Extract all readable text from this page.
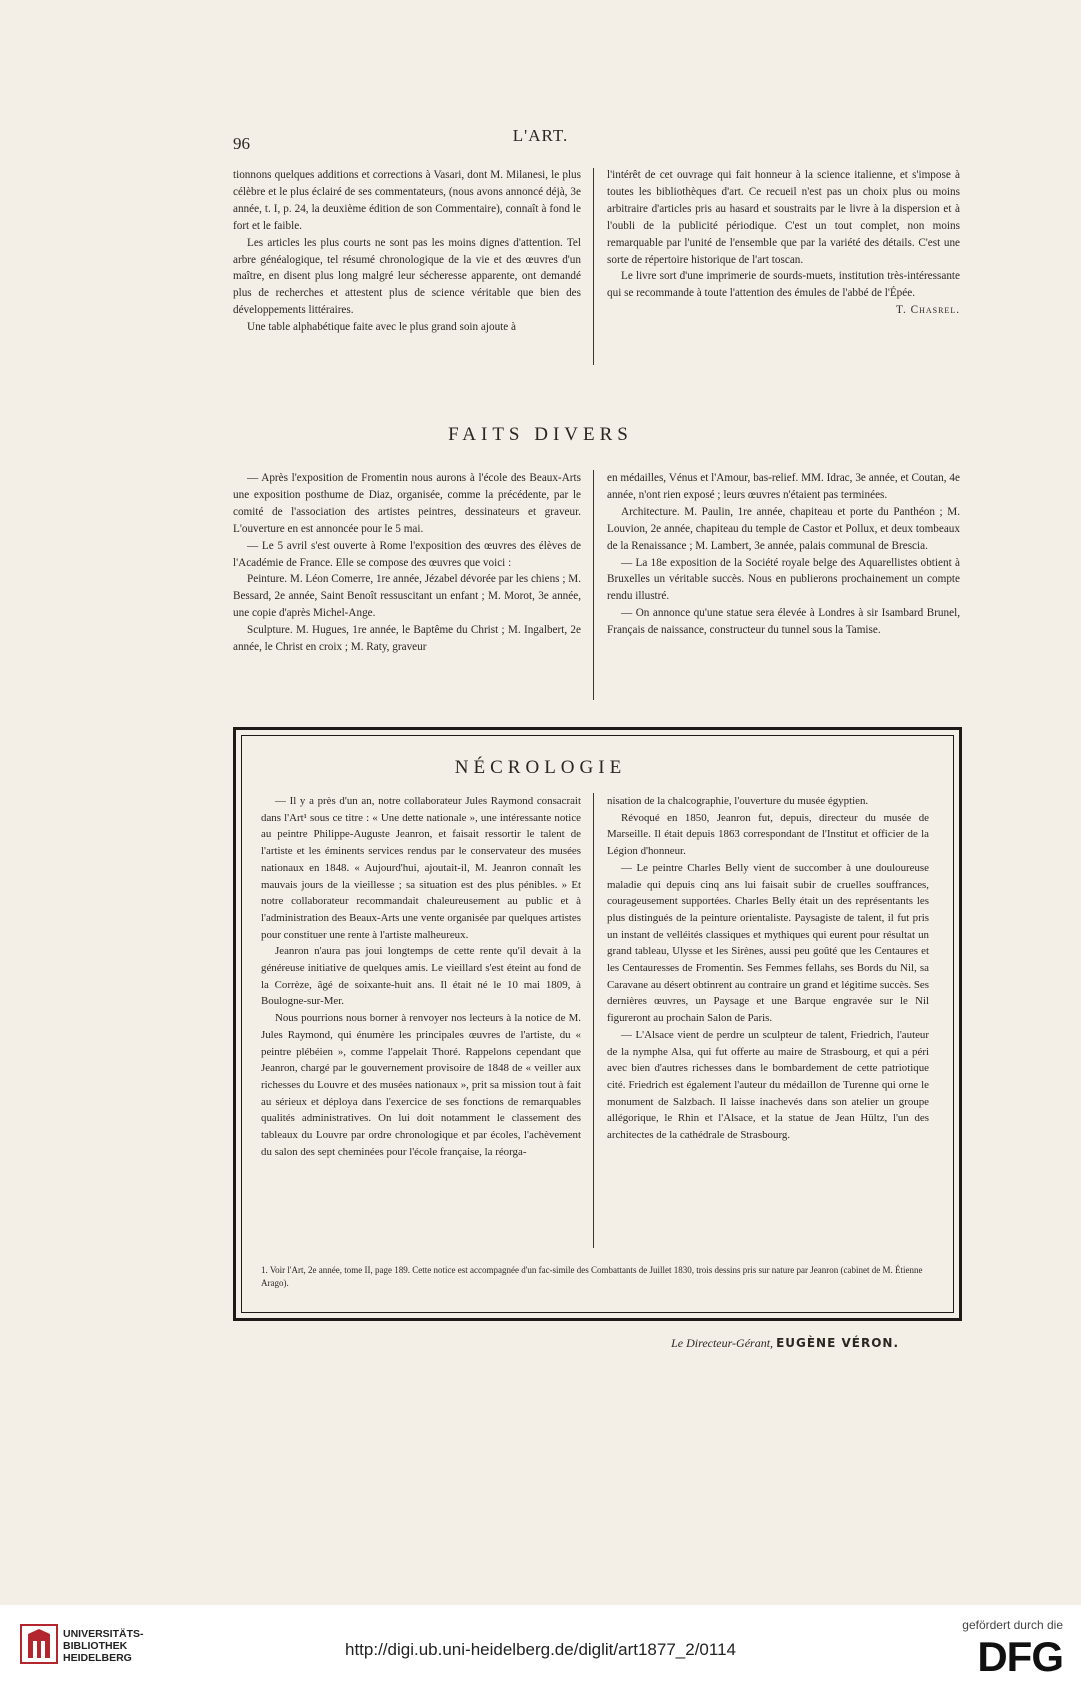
96	L'ART.

tionnons quelques additions et corrections à Vasari, dont M. Milanesi, le plus célèbre et le plus éclairé de ses commentateurs, (nous avons annoncé déjà, 3e année, t. I, p. 24, la deuxième édition de son Commentaire), connaît à fond le fort et le faible.

Les articles les plus courts ne sont pas les moins dignes d'attention. Tel arbre généalogique, tel résumé chronologique de la vie et des œuvres d'un maître, en disent plus long malgré leur sécheresse apparente, ont demandé plus de recherches et attestent plus de science véritable que bien des développements littéraires.

Une table alphabétique faite avec le plus grand soin ajoute à

l'intérêt de cet ouvrage qui fait honneur à la science italienne, et s'impose à toutes les bibliothèques d'art. Ce recueil n'est pas un choix plus ou moins arbitraire d'articles pris au hasard et soustraits par le livre à la dispersion et à l'oubli de la publicité périodique. C'est un tout complet, non moins remarquable par l'unité de l'ensemble que par la variété des détails. C'est une sorte de répertoire historique de l'art toscan.

Le livre sort d'une imprimerie de sourds-muets, institution très-intéressante qui se recommande à toute l'attention des émules de l'abbé de l'Épée.

T. Chasrel.

FAITS DIVERS

— Après l'exposition de Fromentin nous aurons à l'école des Beaux-Arts une exposition posthume de Diaz, organisée, comme la précédente, par le comité de l'association des artistes peintres, dessinateurs et graveur. L'ouverture en est annoncée pour le 5 mai.

— Le 5 avril s'est ouverte à Rome l'exposition des œuvres des élèves de l'Académie de France. Elle se compose des œuvres que voici :

Peinture. M. Léon Comerre, 1re année, Jézabel dévorée par les chiens ; M. Bessard, 2e année, Saint Benoît ressuscitant un enfant ; M. Morot, 3e année, une copie d'après Michel-Ange.

Sculpture. M. Hugues, 1re année, le Baptême du Christ ; M. Ingalbert, 2e année, le Christ en croix ; M. Raty, graveur

en médailles, Vénus et l'Amour, bas-relief. MM. Idrac, 3e année, et Coutan, 4e année, n'ont rien exposé ; leurs œuvres n'étaient pas terminées.

Architecture. M. Paulin, 1re année, chapiteau et porte du Panthéon ; M. Louvion, 2e année, chapiteau du temple de Castor et Pollux, et deux tombeaux de la Renaissance ; M. Lambert, 3e année, palais communal de Brescia.

— La 18e exposition de la Société royale belge des Aquarellistes obtient à Bruxelles un véritable succès. Nous en publierons prochainement un compte rendu illustré.

— On annonce qu'une statue sera élevée à Londres à sir Isambard Brunel, Français de naissance, constructeur du tunnel sous la Tamise.

NÉCROLOGIE

— Il y a près d'un an, notre collaborateur Jules Raymond consacrait dans l'Art¹ sous ce titre : « Une dette nationale », une intéressante notice au peintre Philippe-Auguste Jeanron, et faisait ressortir le talent de l'artiste et les éminents services rendus par le conservateur des musées nationaux en 1848. « Aujourd'hui, ajoutait-il, M. Jeanron connaît les mauvais jours de la vieillesse ; sa situation est des plus pénibles. » Et notre collaborateur recommandait chaleureusement au public et à l'administration des Beaux-Arts une vente organisée par quelques artistes pour constituer une rente à l'artiste malheureux.

Jeanron n'aura pas joui longtemps de cette rente qu'il devait à la généreuse initiative de quelques amis. Le vieillard s'est éteint au fond de la Corrèze, âgé de soixante-huit ans. Il était né le 10 mai 1809, à Boulogne-sur-Mer.

Nous pourrions nous borner à renvoyer nos lecteurs à la notice de M. Jules Raymond, qui énumère les principales œuvres de l'artiste, du « peintre plébéien », comme l'appelait Thoré. Rappelons cependant que Jeanron, chargé par le gouvernement provisoire de 1848 de « veiller aux richesses du Louvre et des musées nationaux », prit sa mission tout à fait au sérieux et déploya dans l'exercice de ses fonctions de remarquables qualités administratives. On lui doit notamment le classement des tableaux du Louvre par ordre chronologique et par écoles, l'achèvement du salon des sept cheminées pour l'école française, la réorga-

nisation de la chalcographie, l'ouverture du musée égyptien.

Révoqué en 1850, Jeanron fut, depuis, directeur du musée de Marseille. Il était depuis 1863 correspondant de l'Institut et officier de la Légion d'honneur.

— Le peintre Charles Belly vient de succomber à une douloureuse maladie qui depuis cinq ans lui faisait subir de cruelles souffrances, courageusement supportées. Charles Belly était un des représentants les plus distingués de la peinture orientaliste. Paysagiste de talent, il fut pris un instant de velléités classiques et mythiques qui eurent pour résultat un grand tableau, Ulysse et les Sirènes, aussi peu goûté que les Centaures et les Centauresses de Fromentin. Ses Femmes fellahs, ses Bords du Nil, sa Caravane au désert obtinrent au contraire un grand et légitime succès. Ses dernières œuvres, un Paysage et une Barque engravée sur le Nil figureront au prochain Salon de Paris.

— L'Alsace vient de perdre un sculpteur de talent, Friedrich, l'auteur de la nymphe Alsa, qui fut offerte au maire de Strasbourg, et qui a péri avec bien d'autres richesses dans le bombardement de cette patriotique cité. Friedrich est également l'auteur du médaillon de Turenne qui orne le monument de Salzbach. Il laisse inachevés dans son atelier un groupe allégorique, le Rhin et l'Alsace, et la statue de Jean Hültz, l'un des architectes de la cathédrale de Strasbourg.

1. Voir l'Art, 2e année, tome II, page 189. Cette notice est accompagnée d'un fac-simile des Combattants de Juillet 1830, trois dessins pris sur nature par Jeanron (cabinet de M. Étienne Arago).
Le Directeur-Gérant, EUGÈNE VÉRON.
UNIVERSITÄTS-
BIBLIOTHEK
HEIDELBERG	http://digi.ub.uni-heidelberg.de/diglit/art1877_2/0114
gefördert durch die
DFG
